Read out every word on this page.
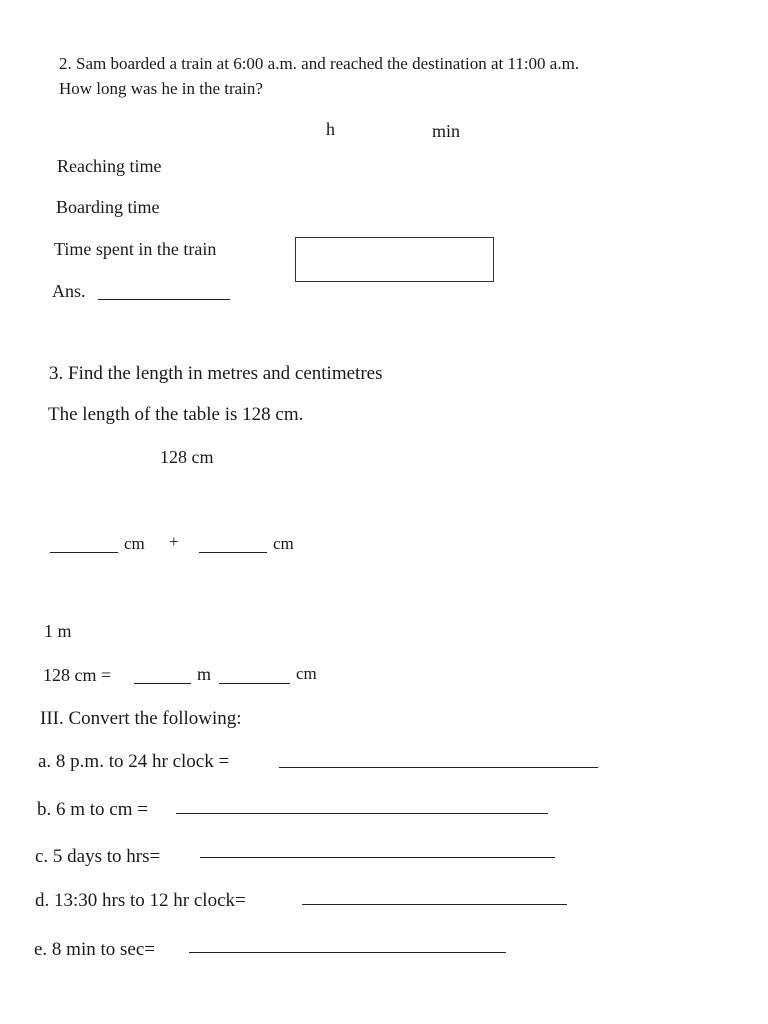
2. Sam boarded a train at 6:00 a.m. and reached the destination at 11:00 a.m.
How long was he in the train?
h	min
Reaching time
Boarding time
Time spent in the train
Ans.
3. Find the length in metres and centimetres
The length of the table is 128 cm.
128 cm
cm +	cm
1 m
128 cm =	m	cm
III. Convert the following:
a. 8 p.m. to 24 hr clock =
b. 6 m to cm =
c. 5 days to hrs=
d. 13:30 hrs to 12 hr clock=
e. 8 min to sec=
